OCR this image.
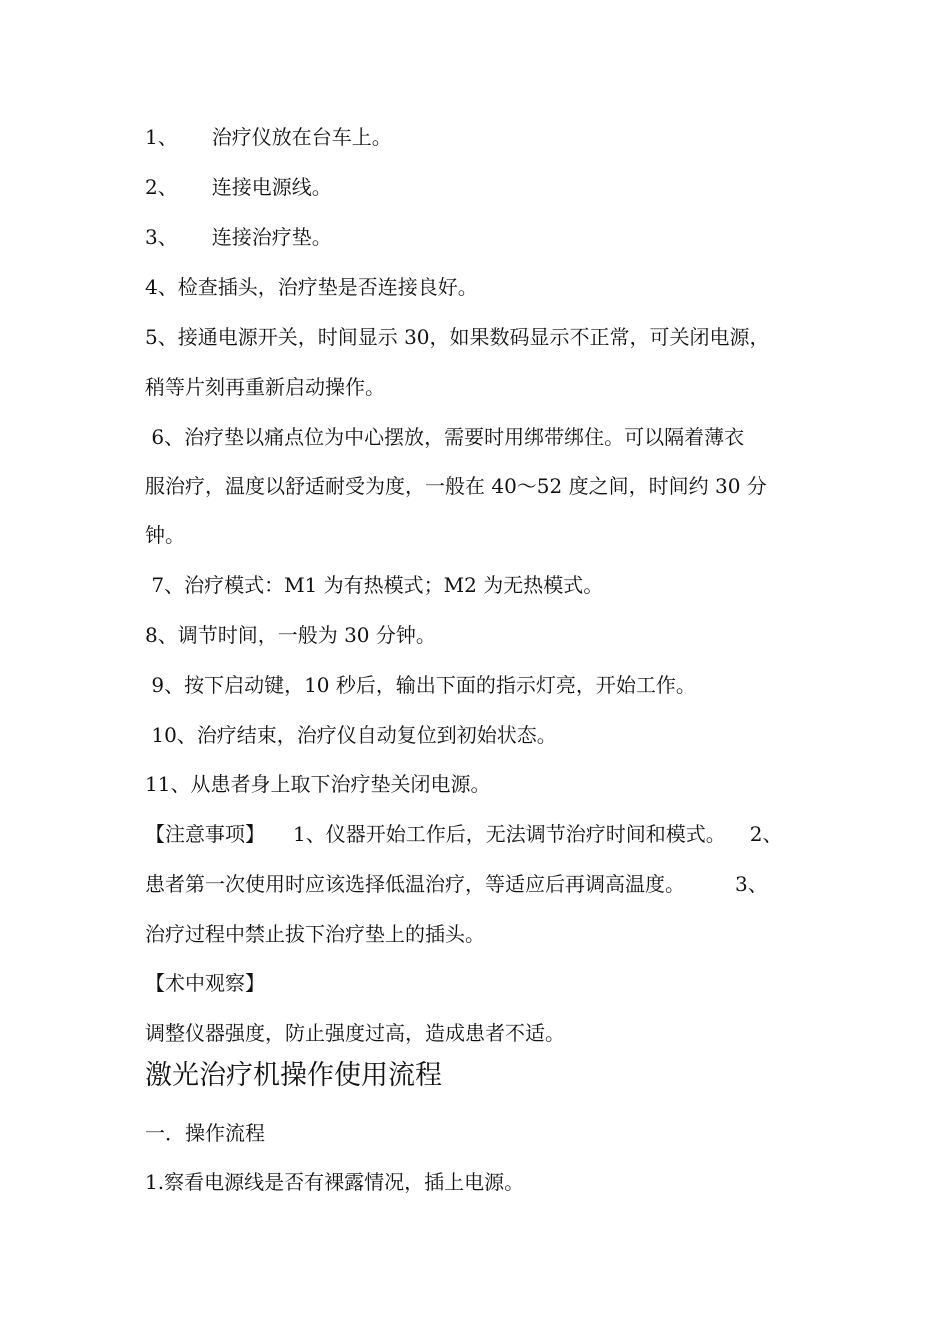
1、 治疗仪放在台车上。
2、 连接电源线。
3、 连接治疗垫。
4、检查插头，治疗垫是否连接良好。
5、接通电源开关，时间显示 30，如果数码显示不正常，可关闭电源，
稍等片刻再重新启动操作。
6、治疗垫以痛点位为中心摆放，需要时用绑带绑住。可以隔着薄衣
服治疗，温度以舒适耐受为度，一般在 40～52 度之间，时间约 30 分
钟。
7、治疗模式：M1 为有热模式；M2 为无热模式。
8、调节时间，一般为 30 分钟。
9、按下启动键，10 秒后，输出下面的指示灯亮，开始工作。
10、治疗结束，治疗仪自动复位到初始状态。
11、从患者身上取下治疗垫关闭电源。
【注意事项】 1、仪器开始工作后，无法调节治疗时间和模式。 2、
患者第一次使用时应该选择低温治疗，等适应后再调高温度。	3、
治疗过程中禁止拔下治疗垫上的插头。
【术中观察】
调整仪器强度，防止强度过高，造成患者不适。
激光治疗机操作使用流程
一．操作流程
1.察看电源线是否有裸露情况，插上电源。
